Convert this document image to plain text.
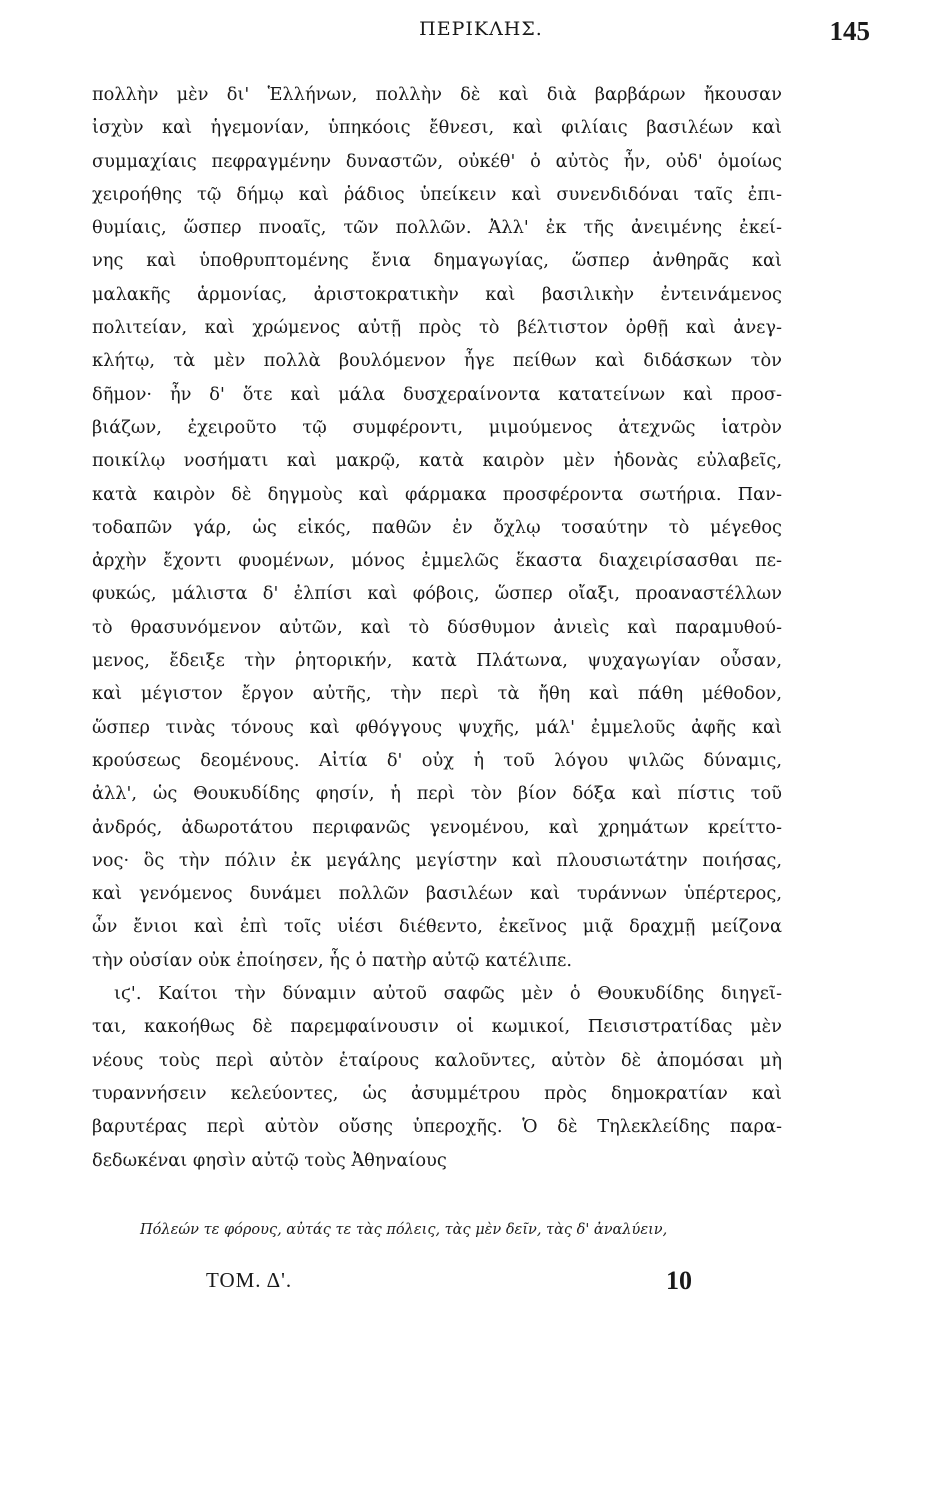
ΠΕΡΙΚΛΗΣ.	145
πολλὴν μὲν δι' Ἑλλήνων, πολλὴν δὲ καὶ διὰ βαρβάρων ἤκουσαν
ἰσχὺν καὶ ἡγεμονίαν, ὑπηκόοις ἔθνεσι, καὶ φιλίαις βασιλέων καὶ
συμμαχίαις πεφραγμένην δυναστῶν, οὐκέθ' ὁ αὐτὸς ἦν, οὐδ' ὁμοίως
χειροήθης τῷ δήμῳ καὶ ῥάδιος ὑπείκειν καὶ συνενδιδόναι ταῖς ἐπι-
θυμίαις, ὥσπερ πνοαῖς, τῶν πολλῶν. Ἀλλ' ἐκ τῆς ἀνειμένης ἐκεί-
νης καὶ ὑποθρυπτομένης ἔνια δημαγωγίας, ὥσπερ ἀνθηρᾶς καὶ
μαλακῆς ἁρμονίας, ἀριστοκρατικὴν καὶ βασιλικὴν ἐντεινάμενος
πολιτείαν, καὶ χρώμενος αὐτῇ πρὸς τὸ βέλτιστον ὀρθῇ καὶ ἀνεγ-
κλήτῳ, τὰ μὲν πολλὰ βουλόμενον ἦγε πείθων καὶ διδάσκων τὸν
δῆμον· ἦν δ' ὅτε καὶ μάλα δυσχεραίνοντα κατατείνων καὶ προσ-
βιάζων, ἐχειροῦτο τῷ συμφέροντι, μιμούμενος ἀτεχνῶς ἰατρὸν
ποικίλῳ νοσήματι καὶ μακρῷ, κατὰ καιρὸν μὲν ἡδονὰς εὐλαβεῖς,
κατὰ καιρὸν δὲ δηγμοὺς καὶ φάρμακα προσφέροντα σωτήρια. Παν-
τοδαπῶν γάρ, ὡς εἰκός, παθῶν ἐν ὄχλῳ τοσαύτην τὸ μέγεθος
ἀρχὴν ἔχοντι φυομένων, μόνος ἐμμελῶς ἕκαστα διαχειρίσασθαι πε-
φυκώς, μάλιστα δ' ἐλπίσι καὶ φόβοις, ὥσπερ οἴαξι, προαναστέλλων
τὸ θρασυνόμενον αὐτῶν, καὶ τὸ δύσθυμον ἀνιεὶς καὶ παραμυθού-
μενος, ἔδειξε τὴν ῥητορικήν, κατὰ Πλάτωνα, ψυχαγωγίαν οὖσαν,
καὶ μέγιστον ἔργον αὐτῆς, τὴν περὶ τὰ ἤθη καὶ πάθη μέθοδον,
ὥσπερ τινὰς τόνους καὶ φθόγγους ψυχῆς, μάλ' ἐμμελοῦς ἀφῆς καὶ
κρούσεως δεομένους. Αἰτία δ' οὐχ ἡ τοῦ λόγου ψιλῶς δύναμις,
ἀλλ', ὡς Θουκυδίδης φησίν, ἡ περὶ τὸν βίον δόξα καὶ πίστις τοῦ
ἀνδρός, ἀδωροτάτου περιφανῶς γενομένου, καὶ χρημάτων κρείττο-
νος· ὃς τὴν πόλιν ἐκ μεγάλης μεγίστην καὶ πλουσιωτάτην ποιήσας,
καὶ γενόμενος δυνάμει πολλῶν βασιλέων καὶ τυράννων ὑπέρτερος,
ὧν ἔνιοι καὶ ἐπὶ τοῖς υἱέσι διέθεντο, ἐκεῖνος μιᾷ δραχμῇ μείζονα
τὴν οὐσίαν οὐκ ἐποίησεν, ἧς ὁ πατὴρ αὐτῷ κατέλιπε.
ιϛ'. Καίτοι τὴν δύναμιν αὐτοῦ σαφῶς μὲν ὁ Θουκυδίδης διηγεῖ-
ται, κακοήθως δὲ παρεμφαίνουσιν οἱ κωμικοί, Πεισιστρατίδας μὲν
νέους τοὺς περὶ αὐτὸν ἑταίρους καλοῦντες, αὐτὸν δὲ ἀπομόσαι μὴ
τυραννήσειν κελεύοντες, ὡς ἀσυμμέτρου πρὸς δημοκρατίαν καὶ
βαρυτέρας περὶ αὐτὸν οὔσης ὑπεροχῆς. Ὁ δὲ Τηλεκλείδης παρα-
δεδωκέναι φησὶν αὐτῷ τοὺς Ἀθηναίους
Πόλεών τε φόρους, αὐτάς τε τὰς πόλεις, τὰς μὲν δεῖν, τὰς δ' ἀναλύειν,
ΤΟΜ. Δ'.	10
